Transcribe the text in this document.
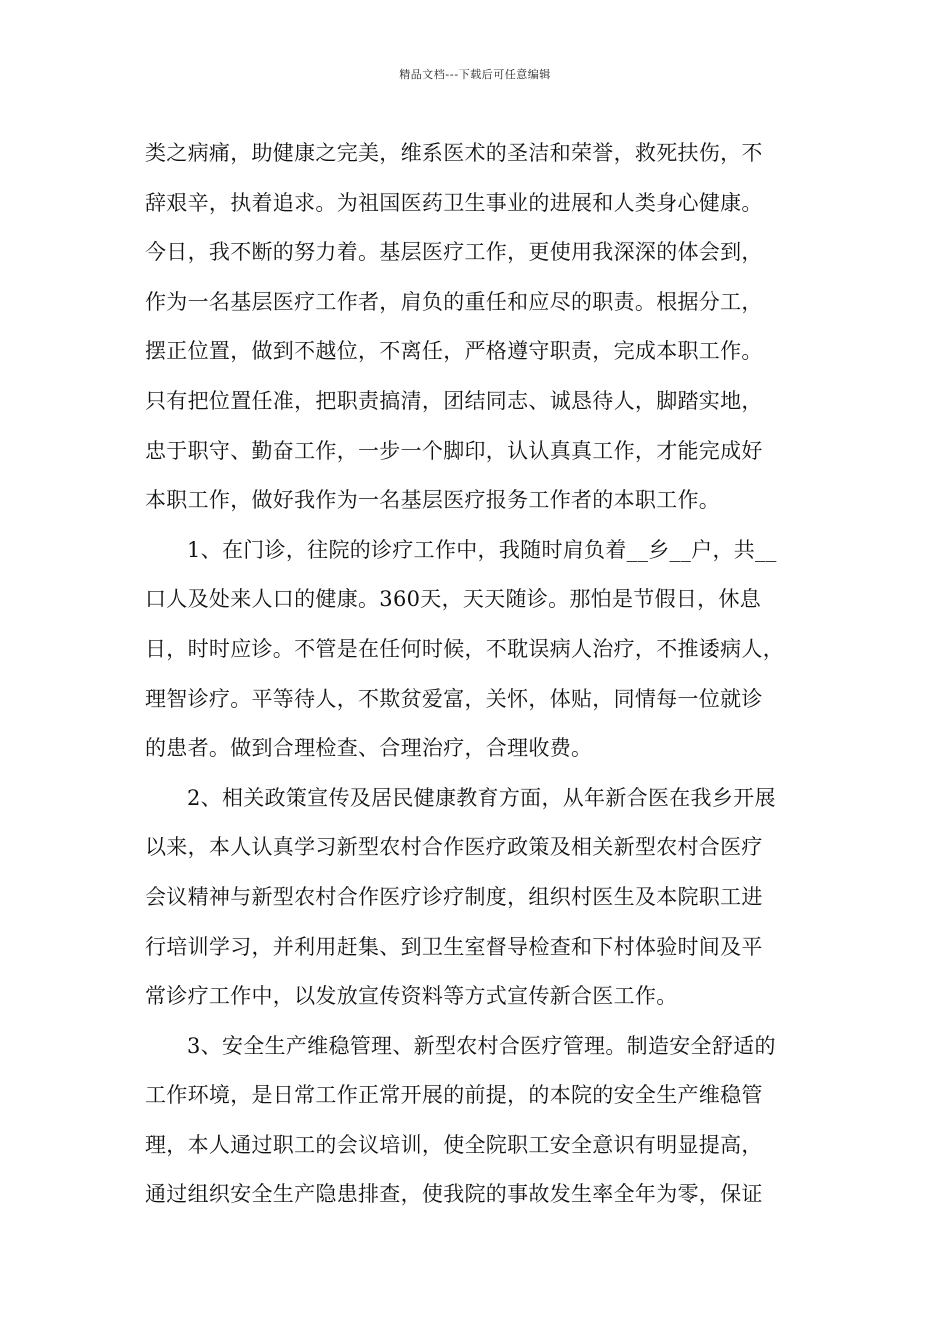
精品文档---下载后可任意编辑
类之病痛，助健康之完美，维系医术的圣洁和荣誉，救死扶伤，不
辞艰辛，执着追求。为祖国医药卫生事业的进展和人类身心健康。
今日，我不断的努力着。基层医疗工作，更使用我深深的体会到，
作为一名基层医疗工作者，肩负的重任和应尽的职责。根据分工，
摆正位置，做到不越位，不离任，严格遵守职责，完成本职工作。
只有把位置任准，把职责搞清，团结同志、诚恳待人，脚踏实地，
忠于职守、勤奋工作，一步一个脚印，认认真真工作，才能完成好
本职工作，做好我作为一名基层医疗报务工作者的本职工作。
1、在门诊，往院的诊疗工作中，我随时肩负着__乡__户，共__
口人及处来人口的健康。360天，天天随诊。那怕是节假日，休息
日，时时应诊。不管是在任何时候，不耽误病人治疗，不推诿病人，
理智诊疗。平等待人，不欺贫爱富，关怀，体贴，同情每一位就诊
的患者。做到合理检查、合理治疗，合理收费。
2、相关政策宣传及居民健康教育方面，从年新合医在我乡开展
以来，本人认真学习新型农村合作医疗政策及相关新型农村合医疗
会议精神与新型农村合作医疗诊疗制度，组织村医生及本院职工进
行培训学习，并利用赶集、到卫生室督导检查和下村体验时间及平
常诊疗工作中，以发放宣传资料等方式宣传新合医工作。
3、安全生产维稳管理、新型农村合医疗管理。制造安全舒适的
工作环境，是日常工作正常开展的前提，的本院的安全生产维稳管
理，本人通过职工的会议培训，使全院职工安全意识有明显提高，
通过组织安全生产隐患排查，使我院的事故发生率全年为零，保证
